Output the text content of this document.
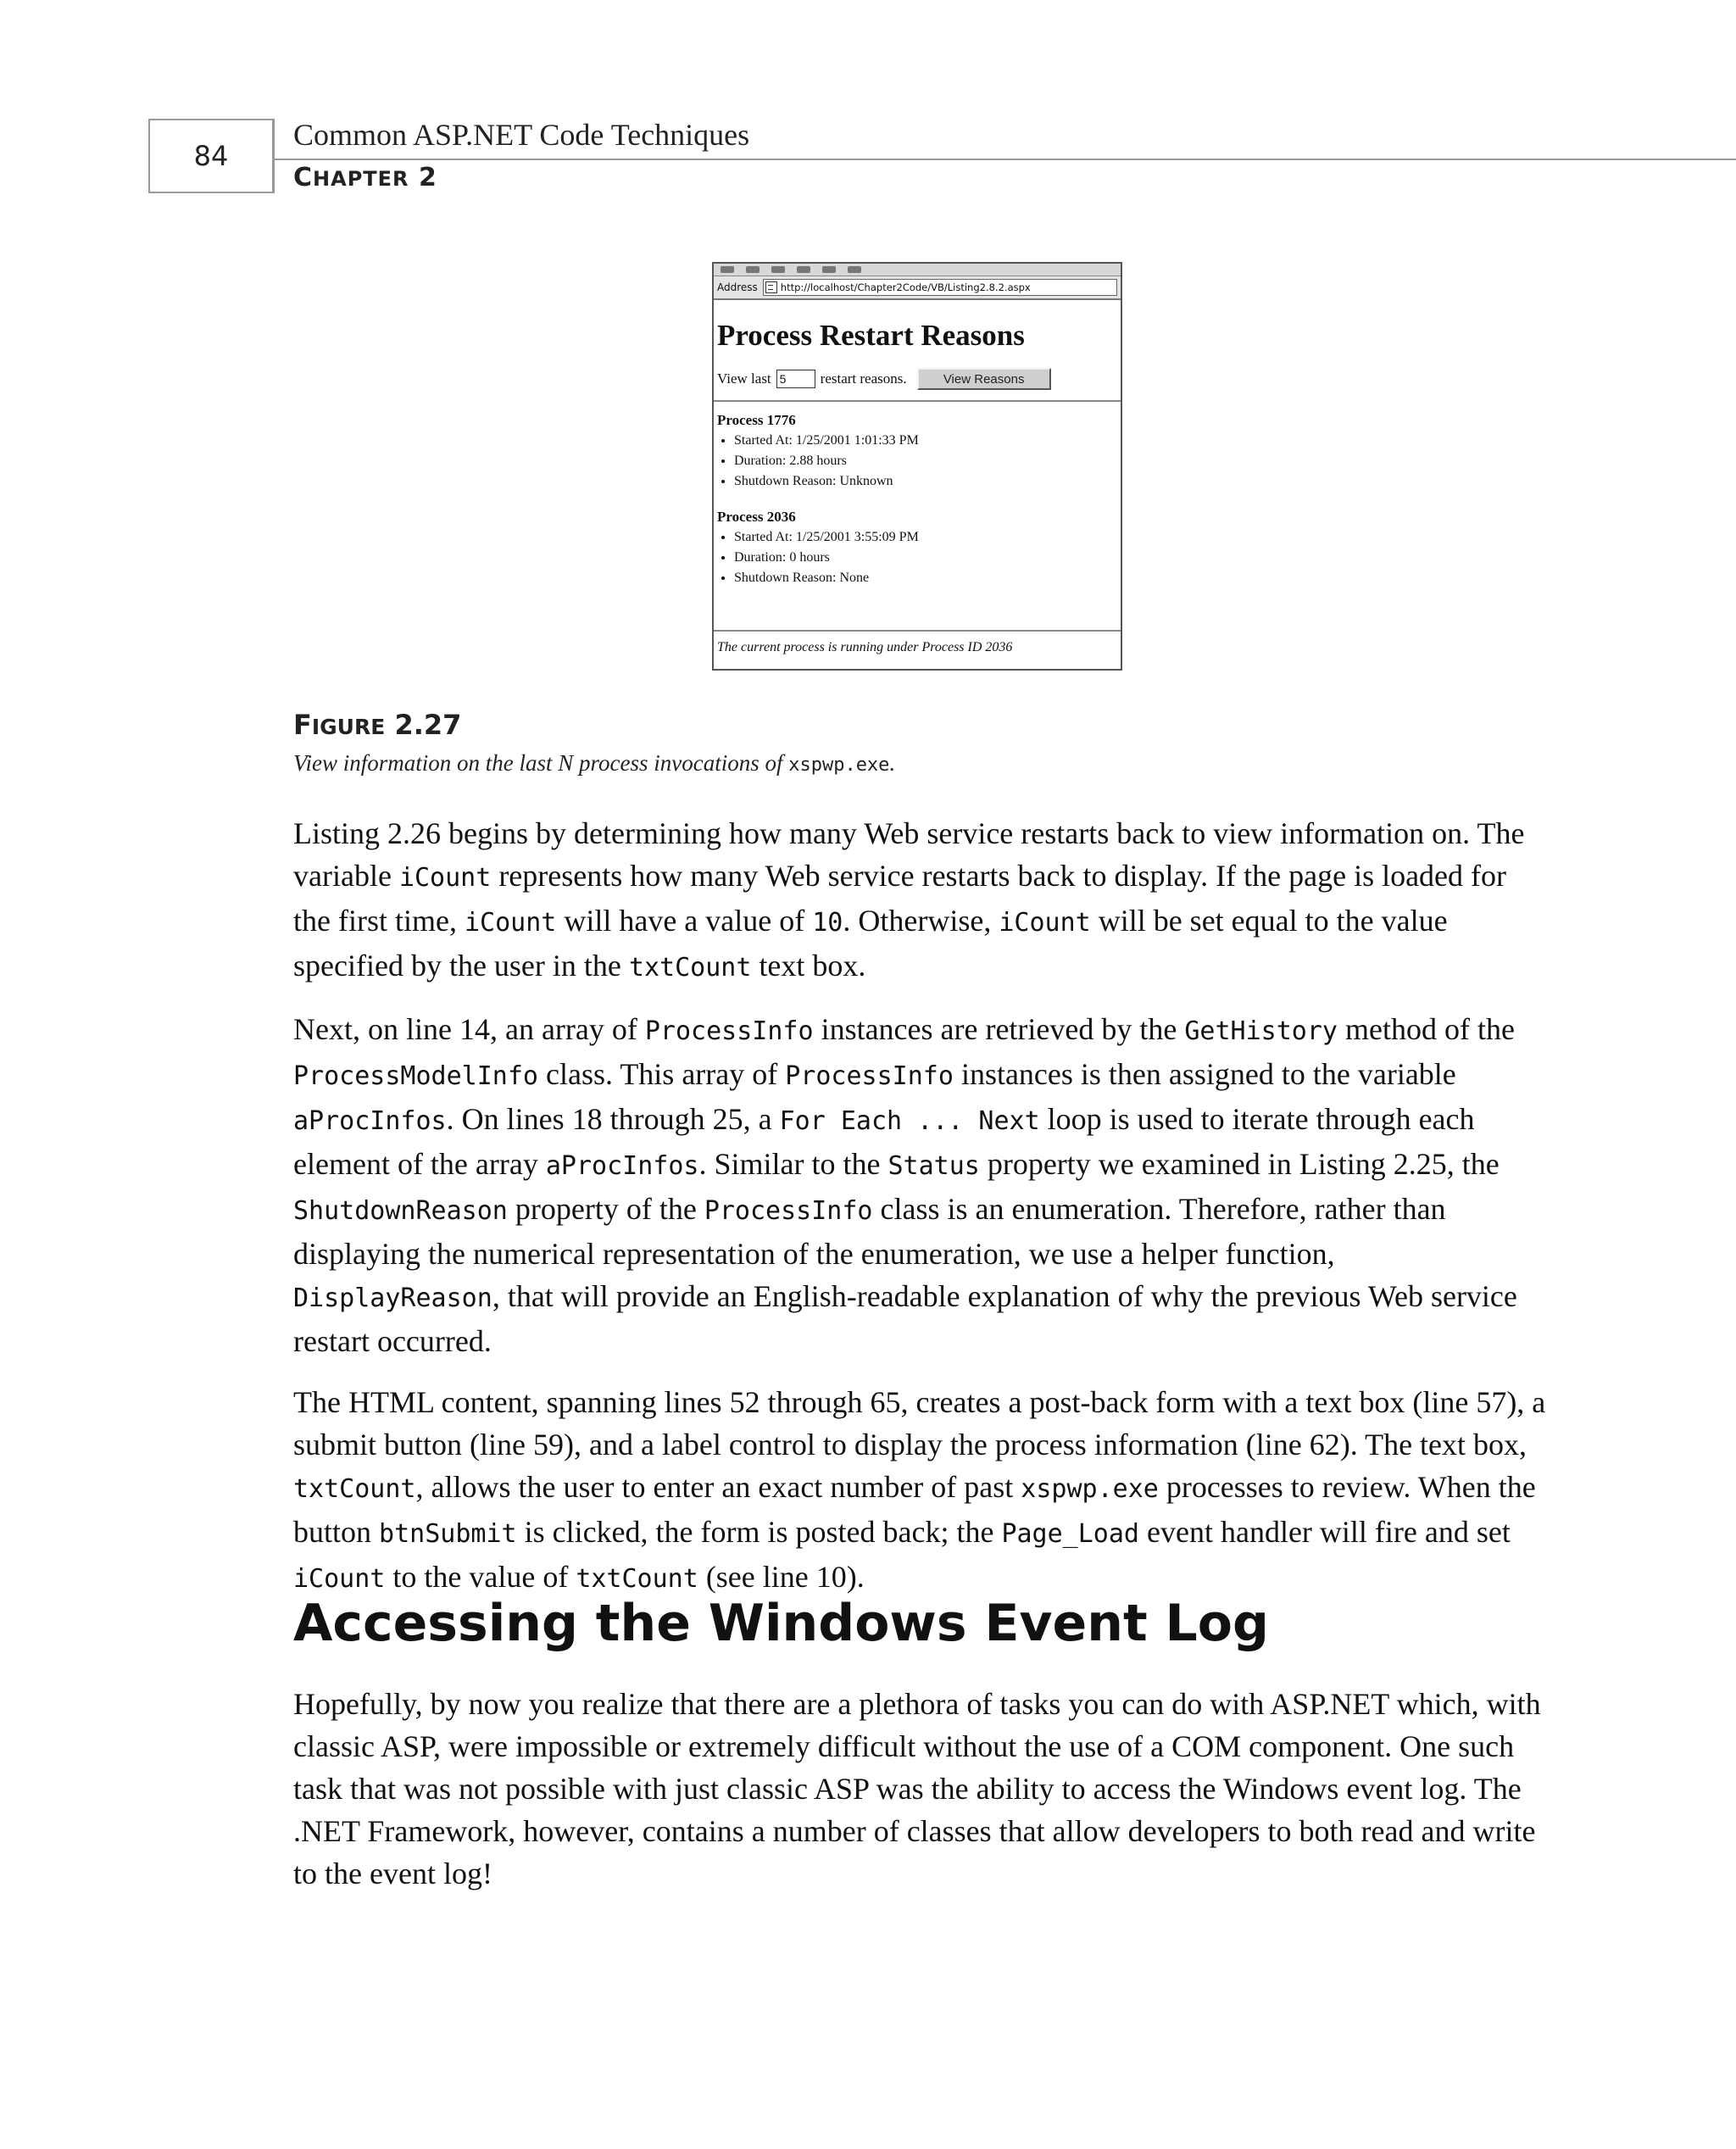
84
Common ASP.NET Code Techniques
CHAPTER 2
Address http://localhost/Chapter2Code/VB/Listing2.8.2.aspx
Process Restart Reasons
View last 5	restart reasons.	View Reasons

Process 1776

• Started At: 1/25/2001 1:01:33 PM
• Duration: 2.88 hours
• Shutdown Reason: Unknown

Process 2036

• Started At: 1/25/2001 3:55:09 PM
• Duration: 0 hours
• Shutdown Reason: None
The current process is running under Process ID 2036
FIGURE 2.27
View information on the last N process invocations of xspwp.exe.

Listing 2.26 begins by determining how many Web service restarts back to view information on. The variable iCount represents how many Web service restarts back to display. If the page is loaded for the first time, iCount will have a value of 10. Otherwise, iCount will be set equal to the value specified by the user in the txtCount text box.

Next, on line 14, an array of ProcessInfo instances are retrieved by the GetHistory method of the ProcessModelInfo class. This array of ProcessInfo instances is then assigned to the variable aProcInfos. On lines 18 through 25, a For Each ... Next loop is used to iterate through each element of the array aProcInfos. Similar to the Status property we examined in Listing 2.25, the ShutdownReason property of the ProcessInfo class is an enumeration. Therefore, rather than displaying the numerical representation of the enumeration, we use a helper function, DisplayReason, that will provide an English-readable explanation of why the previous Web service restart occurred.

The HTML content, spanning lines 52 through 65, creates a post-back form with a text box (line 57), a submit button (line 59), and a label control to display the process information (line 62). The text box, txtCount, allows the user to enter an exact number of past xspwp.exe processes to review. When the button btnSubmit is clicked, the form is posted back; the Page_Load event handler will fire and set iCount to the value of txtCount (see line 10).

Accessing the Windows Event Log

Hopefully, by now you realize that there are a plethora of tasks you can do with ASP.NET which, with classic ASP, were impossible or extremely difficult without the use of a COM component. One such task that was not possible with just classic ASP was the ability to access the Windows event log. The .NET Framework, however, contains a number of classes that allow developers to both read and write to the event log!
